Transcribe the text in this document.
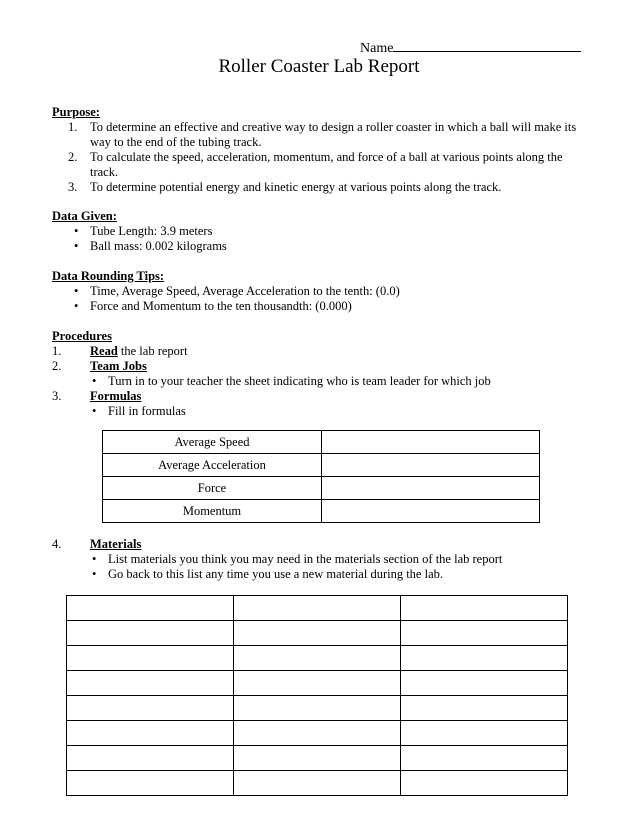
Name
Roller Coaster Lab Report
Purpose:
1. To determine an effective and creative way to design a roller coaster in which a ball will make its way to the end of the tubing track.
2. To calculate the speed, acceleration, momentum, and force of a ball at various points along the track.
3. To determine potential energy and kinetic energy at various points along the track.
Data Given:
• Tube Length: 3.9 meters
• Ball mass: 0.002 kilograms
Data Rounding Tips:
• Time, Average Speed, Average Acceleration to the tenth: (0.0)
• Force and Momentum to the ten thousandth: (0.000)
Procedures
1. Read the lab report
2. Team Jobs
• Turn in to your teacher the sheet indicating who is team leader for which job
3. Formulas
• Fill in formulas
Average Speed	
Average Acceleration	
Force	
Momentum	
4. Materials
• List materials you think you may need in the materials section of the lab report
• Go back to this list any time you use a new material during the lab.
